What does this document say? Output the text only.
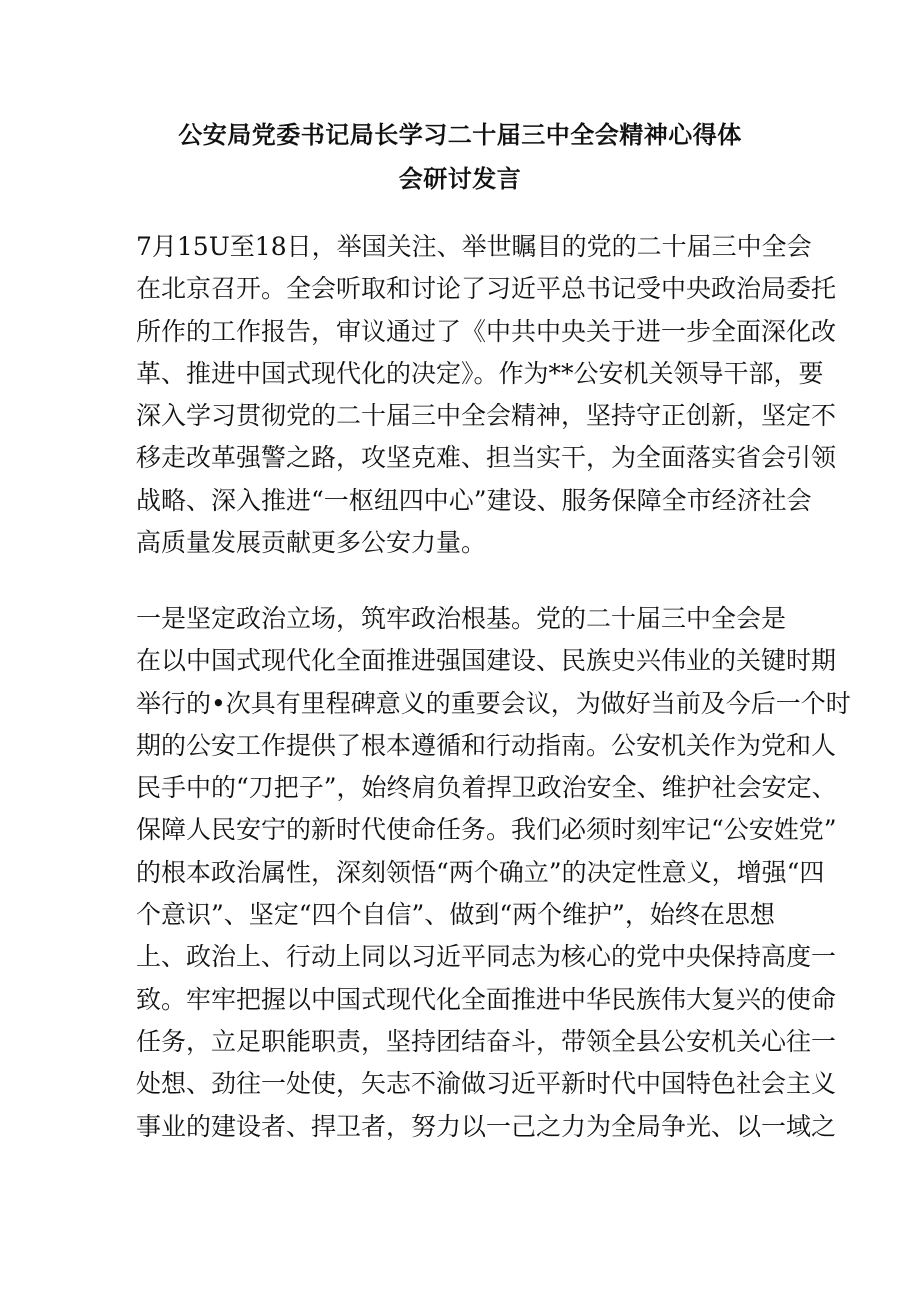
公安局党委书记局长学习二十届三中全会精神心得体
会研讨发言
7月15U至18日，举国关注、举世瞩目的党的二十届三中全会
在北京召开。全会听取和讨论了习近平总书记受中央政治局委托
所作的工作报告，审议通过了《中共中央关于进一步全面深化改
革、推进中国式现代化的决定》。作为**公安机关领导干部，要
深入学习贯彻党的二十届三中全会精神，坚持守正创新，坚定不
移走改革强警之路，攻坚克难、担当实干，为全面落实省会引领
战略、深入推进“一枢纽四中心”建设、服务保障全市经济社会
高质量发展贡献更多公安力量。
一是坚定政治立场，筑牢政治根基。党的二十届三中全会是
在以中国式现代化全面推进强国建设、民族史兴伟业的关键时期
举行的•次具有里程碑意义的重要会议，为做好当前及今后一个时
期的公安工作提供了根本遵循和行动指南。公安机关作为党和人
民手中的“刀把子”，始终肩负着捍卫政治安全、维护社会安定、
保障人民安宁的新时代使命任务。我们必须时刻牢记“公安姓党”
的根本政治属性，深刻领悟“两个确立”的决定性意义，增强“四
个意识”、坚定“四个自信”、做到“两个维护”，始终在思想
上、政治上、行动上同以习近平同志为核心的党中央保持高度一
致。牢牢把握以中国式现代化全面推进中华民族伟大复兴的使命
任务，立足职能职责，坚持团结奋斗，带领全县公安机关心往一
处想、劲往一处使，矢志不渝做习近平新时代中国特色社会主义
事业的建设者、捍卫者，努力以一己之力为全局争光、以一域之
